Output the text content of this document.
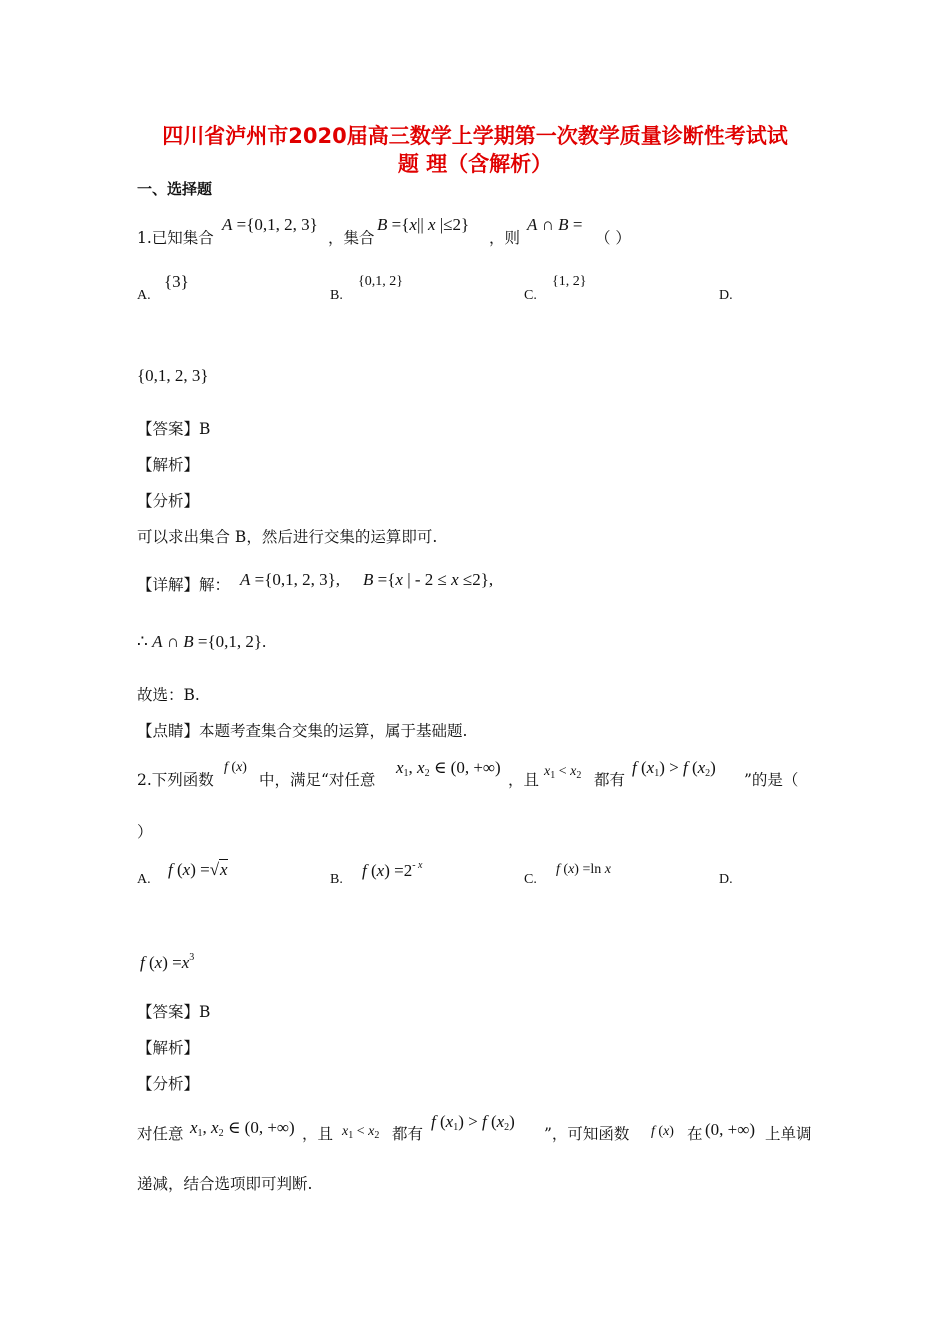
四川省泸州市2020届高三数学上学期第一次教学质量诊断性考试试
题 理（含解析）
一、选择题
1.已知集合
A ={0,1, 2, 3}
，集合
B ={x|| x |≤2}
，则
A ∩ B =
（ ）
A.
{3}
B.
{0,1, 2}
C.
{1, 2}
D.
{0,1, 2, 3}
【答案】B
【解析】
【分析】
可以求出集合 B，然后进行交集的运算即可.
【详解】解： A ={0,1, 2, 3}, B ={x | - 2 ≤ x ≤2},
∴ A ∩ B ={0,1, 2}.
故选：B.
【点睛】本题考查集合交集的运算，属于基础题.
2.下列函数
f (x)
中，满足“对任意
$x_1$, $x_2$ ∈ (0, +∞)
，且 $x_1 < x_2$ 都有
f $(x_1) > f$ $(x_2)$
”的是（
）
A.
f (x) =√x
B. f $(x) =2^{- x}$
C.
f (x) =ln x
D.
f $(x) =x^3$
【答案】B
【解析】
【分析】
对任意 $x_1$, $x_2$ ∈ (0, +∞) ，且 $x_1 < x_2$ 都有
f $(x_1) > f$ $(x_2)$
”，可知函数 f (x) 在 (0, +∞) 上单调
递减，结合选项即可判断.
